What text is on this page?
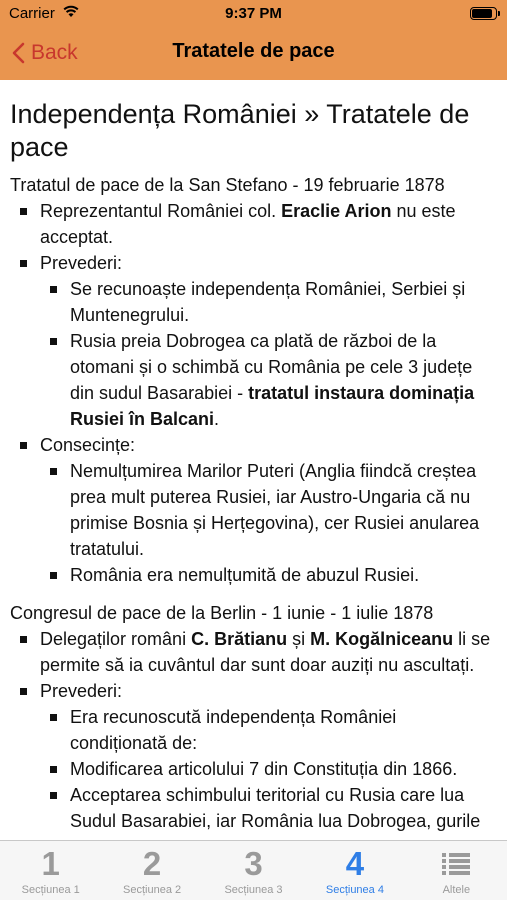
Carrier	9:37 PM
Back	Tratatele de pace
Independența României » Tratatele de pace
Tratatul de pace de la San Stefano - 19 februarie 1878
Reprezentantul României col. Eraclie Arion nu este acceptat.
Prevederi:
Se recunoaște independența României, Serbiei și Muntenegrului.
Rusia preia Dobrogea ca plată de război de la otomani și o schimbă cu România pe cele 3 județe din sudul Basarabiei - tratatul instaura dominația Rusiei în Balcani.
Consecințe:
Nemulțumirea Marilor Puteri (Anglia fiindcă creștea prea mult puterea Rusiei, iar Austro-Ungaria că nu primise Bosnia și Herțegovina), cer Rusiei anularea tratatului.
România era nemulțumită de abuzul Rusiei.
Congresul de pace de la Berlin - 1 iunie - 1 iulie 1878
Delegaților români C. Brătianu și M. Kogălniceanu li se permite să ia cuvântul dar sunt doar auziți nu ascultați.
Prevederi:
Era recunoscută independența României condiționată de:
Modificarea articolului 7 din Constituția din 1866.
Acceptarea schimbului teritorial cu Rusia care lua Sudul Basarabiei, iar România lua Dobrogea, gurile
1
Secțiunea 1
2
Secțiunea 2
3
Secțiunea 3
4
Secțiunea 4	Altele
